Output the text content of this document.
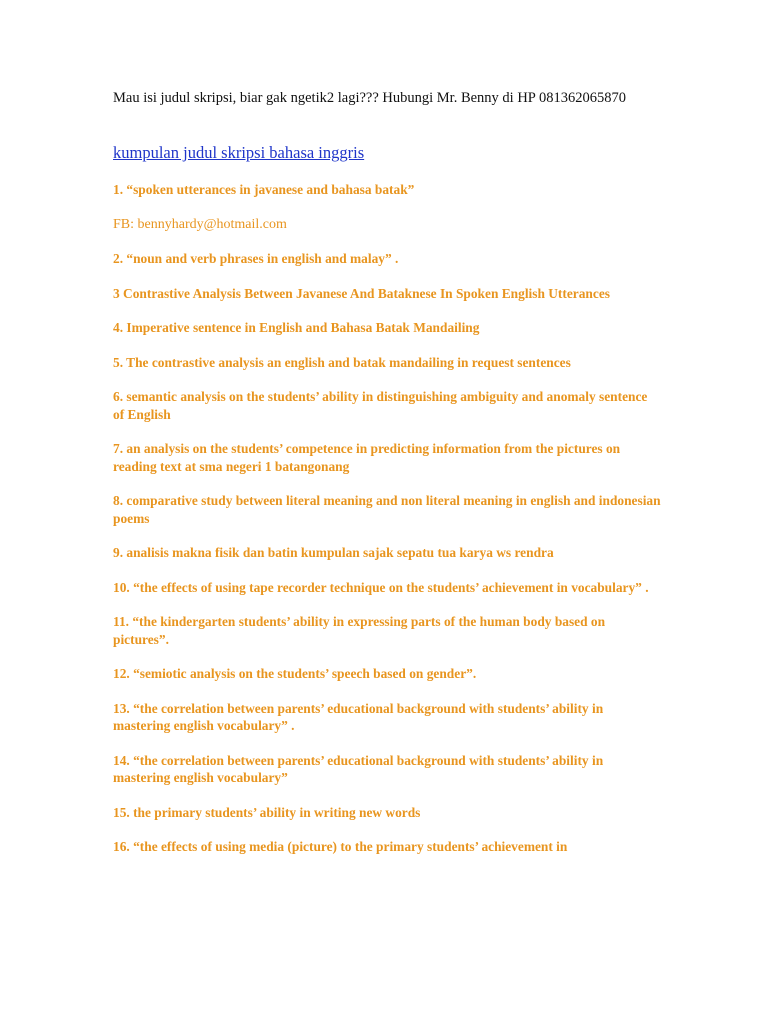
Mau isi judul skripsi, biar gak ngetik2 lagi??? Hubungi Mr. Benny di HP 081362065870
kumpulan judul skripsi bahasa inggris
1. “spoken utterances in javanese and bahasa batak”
FB: bennyhardy@hotmail.com
2. “noun and verb phrases in english and malay” .
3 Contrastive Analysis Between Javanese And Bataknese In Spoken English Utterances
4. Imperative sentence in English and Bahasa Batak Mandailing
5. The contrastive analysis an english and batak mandailing in request sentences
6. semantic analysis on the students’ ability in distinguishing ambiguity and anomaly sentence of English
7. an analysis on the students’ competence in predicting information from the pictures on reading text at sma negeri 1 batangonang
8. comparative study between literal meaning and non literal meaning in english and indonesian poems
9. analisis makna fisik dan batin kumpulan sajak sepatu tua karya ws rendra
10. “the effects of using tape recorder technique on the students’ achievement in vocabulary” .
11. “the kindergarten students’ ability in expressing parts of the human body based on pictures”.
12. “semiotic analysis on the students’ speech based on gender”.
13. “the correlation between parents’ educational background with students’ ability in mastering english vocabulary” .
14. “the correlation between parents’ educational background with students’ ability in mastering english vocabulary”
15. the primary students’ ability in writing new words
16. “the effects of using media (picture) to the primary students’ achievement in
